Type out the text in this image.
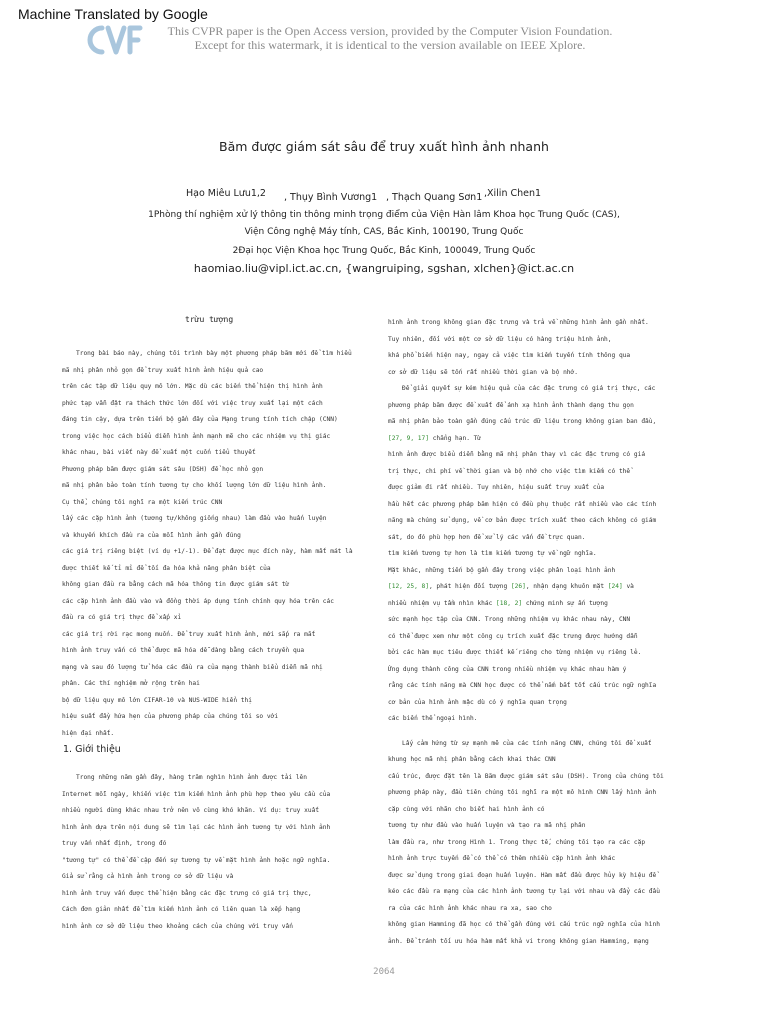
Machine Translated by Google
This CVPR paper is the Open Access version, provided by the Computer Vision Foundation.
Except for this watermark, it is identical to the version available on IEEE Xplore.
Băm được giám sát sâu để truy xuất hình ảnh nhanh
Hạo Miêu Lưu1,2 , Thụy Bình Vương1 , Thạch Quang Sơn1 ,Xilin Chen1
1Phòng thí nghiệm xử lý thông tin thông minh trọng điểm của Viện Hàn lâm Khoa học Trung Quốc (CAS),
Viện Công nghệ Máy tính, CAS, Bắc Kinh, 100190, Trung Quốc
2Đại học Viện Khoa học Trung Quốc, Bắc Kinh, 100049, Trung Quốc
haomiao.liu@vipl.ict.ac.cn, {wangruiping, sgshan, xlchen}@ict.ac.cn
trừu tượng
Trong bài báo này, chúng tôi trình bày một phương pháp băm mới để tìm hiểu
mã nhị phân nhỏ gọn để truy xuất hình ảnh hiệu quả cao
trên các tập dữ liệu quy mô lớn. Mặc dù các biến thể hiện thị hình ảnh
phức tạp vẫn đặt ra thách thức lớn đối với việc truy xuất lại một cách
đáng tin cậy, dựa trên tiến bộ gần đây của Mạng trung tính tích chập (CNN)
trong việc học cách biểu diễn hình ảnh mạnh mẽ cho các nhiệm vụ thị giác
khác nhau, bài viết này đề xuất một cuốn tiểu thuyết
Phương pháp băm được giám sát sâu (DSH) để học nhỏ gọn
mã nhị phân bảo toàn tính tương tự cho khối lượng lớn dữ liệu hình ảnh.
Cụ thể, chúng tôi nghĩ ra một kiến trúc CNN
lấy các cặp hình ảnh (tương tự/không giống nhau) làm đầu vào huấn luyện
và khuyến khích đầu ra của mỗi hình ảnh gần đúng
các giá trị riêng biệt (ví dụ +1/-1). Để đạt được mục đích này, hàm mất mát là
được thiết kế tỉ mỉ để tối đa hóa khả năng phân biệt của
không gian đầu ra bằng cách mã hóa thông tin được giám sát từ
các cặp hình ảnh đầu vào và đồng thời áp dụng tính chính quy hóa trên các
đầu ra có giá trị thực để xấp xỉ
các giá trị rời rạc mong muốn. Để truy xuất hình ảnh, mới sắp ra mắt
hình ảnh truy vấn có thể được mã hóa dễ dàng bằng cách truyền qua
mạng và sau đó lượng tử hóa các đầu ra của mạng thành biểu diễn mã nhị
phân. Các thí nghiệm mở rộng trên hai
bộ dữ liệu quy mô lớn CIFAR-10 và NUS-WIDE hiển thị
hiệu suất đầy hứa hẹn của phương pháp của chúng tôi so với
hiện đại nhất.
1. Giới thiệu
Trong những năm gần đây, hàng trăm nghìn hình ảnh được tải lên
Internet mỗi ngày, khiến việc tìm kiếm hình ảnh phù hợp theo yêu cầu của
nhiều người dùng khác nhau trở nên vô cùng khó khăn. Ví dụ: truy xuất
hình ảnh dựa trên nội dung sẽ tìm lại các hình ảnh tương tự với hình ảnh
truy vấn nhất định, trong đó
"tương tự" có thể đề cập đến sự tương tự về mặt hình ảnh hoặc ngữ nghĩa.
Giả sử rằng cả hình ảnh trong cơ sở dữ liệu và
hình ảnh truy vấn được thể hiện bằng các đặc trưng có giá trị thực,
Cách đơn giản nhất để tìm kiếm hình ảnh có liên quan là xếp hạng
hình ảnh cơ sở dữ liệu theo khoảng cách của chúng với truy vấn
hình ảnh trong không gian đặc trưng và trả về những hình ảnh gần nhất.
Tuy nhiên, đối với một cơ sở dữ liệu có hàng triệu hình ảnh,
khá phổ biến hiện nay, ngay cả việc tìm kiếm tuyến tính thông qua
cơ sở dữ liệu sẽ tốn rất nhiều thời gian và bộ nhớ.
Để giải quyết sự kém hiệu quả của các đặc trưng có giá trị thực, các
phương pháp băm được đề xuất để ánh xạ hình ảnh thành dạng thu gọn
mã nhị phân bảo toàn gần đúng cấu trúc dữ liệu trong không gian ban đầu,
[27, 9, 17] chẳng hạn. Từ
hình ảnh được biểu diễn bằng mã nhị phân thay vì các đặc trưng có giá
trị thực, chi phí về thời gian và bộ nhớ cho việc tìm kiếm có thể
được giảm đi rất nhiều. Tuy nhiên, hiệu suất truy xuất của
hầu hết các phương pháp băm hiện có đều phụ thuộc rất nhiều vào các tính
năng mà chúng sử dụng, về cơ bản được trích xuất theo cách không có giám
sát, do đó phù hợp hơn để xử lý các vấn đề trực quan.
tìm kiếm tương tự hơn là tìm kiếm tương tự về ngữ nghĩa.
Mặt khác, những tiến bộ gần đây trong việc phân loại hình ảnh
[12, 25, 8], phát hiện đối tượng [26], nhận dạng khuôn mặt [24] và
nhiều nhiệm vụ tầm nhìn khác [18, 2] chứng minh sự ấn tượng
sức mạnh học tập của CNN. Trong những nhiệm vụ khác nhau này, CNN
có thể được xem như một công cụ trích xuất đặc trưng được hướng dẫn
bởi các hàm mục tiêu được thiết kế riêng cho từng nhiệm vụ riêng lẻ.
Ứng dụng thành công của CNN trong nhiều nhiệm vụ khác nhau hàm ý
rằng các tính năng mà CNN học được có thể nắm bắt tốt cấu trúc ngữ nghĩa
cơ bản của hình ảnh mặc dù có ý nghĩa quan trọng
các biến thể ngoại hình.
Lấy cảm hứng từ sự mạnh mẽ của các tính năng CNN, chúng tôi đề xuất
khung học mã nhị phân bằng cách khai thác CNN
cấu trúc, được đặt tên là Băm được giám sát sâu (DSH). Trong của chúng tôi
phương pháp này, đầu tiên chúng tôi nghĩ ra một mô hình CNN lấy hình ảnh
cặp cùng với nhãn cho biết hai hình ảnh có
tương tự như đầu vào huấn luyện và tạo ra mã nhị phân
làm đầu ra, như trong Hình 1. Trong thực tế, chúng tôi tạo ra các cặp
hình ảnh trực tuyến để có thể có thêm nhiều cặp hình ảnh khác
được sử dụng trong giai đoạn huấn luyện. Hàm mất đầu được hủy kỳ hiệu để
kéo các đầu ra mạng của các hình ảnh tương tự lại với nhau và đẩy các đầu
ra của các hình ảnh khác nhau ra xa, sao cho
không gian Hamming đã học có thể gần đúng với cấu trúc ngữ nghĩa của hình
ảnh. Để tránh tối ưu hóa hàm mất khả vi trong không gian Hamming, mạng
2064
